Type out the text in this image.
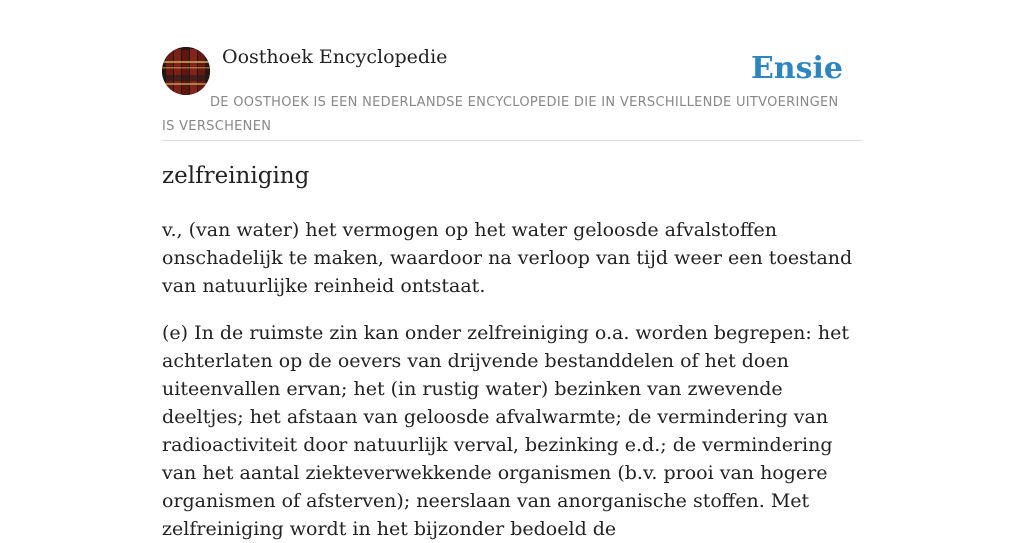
Oosthoek Encyclopedie	Ensie
DE OOSTHOEK IS EEN NEDERLANDSE ENCYCLOPEDIE DIE IN VERSCHILLENDE UITVOERINGEN IS VERSCHENEN
zelfreiniging

v., (van water) het vermogen op het water geloosde afvalstoffen onschadelijk te maken, waardoor na verloop van tijd weer een toestand van natuurlijke reinheid ontstaat.

(e) In de ruimste zin kan onder zelfreiniging o.a. worden begrepen: het achterlaten op de oevers van drijvende bestanddelen of het doen uiteenvallen ervan; het (in rustig water) bezinken van zwevende deeltjes; het afstaan van geloosde afvalwarmte; de vermindering van radioactiviteit door natuurlijk verval, bezinking e.d.; de vermindering van het aantal ziekteverwekkende organismen (b.v. prooi van hogere organismen of afsterven); neerslaan van anorganische stoffen. Met zelfreiniging wordt in het bijzonder bedoeld de
